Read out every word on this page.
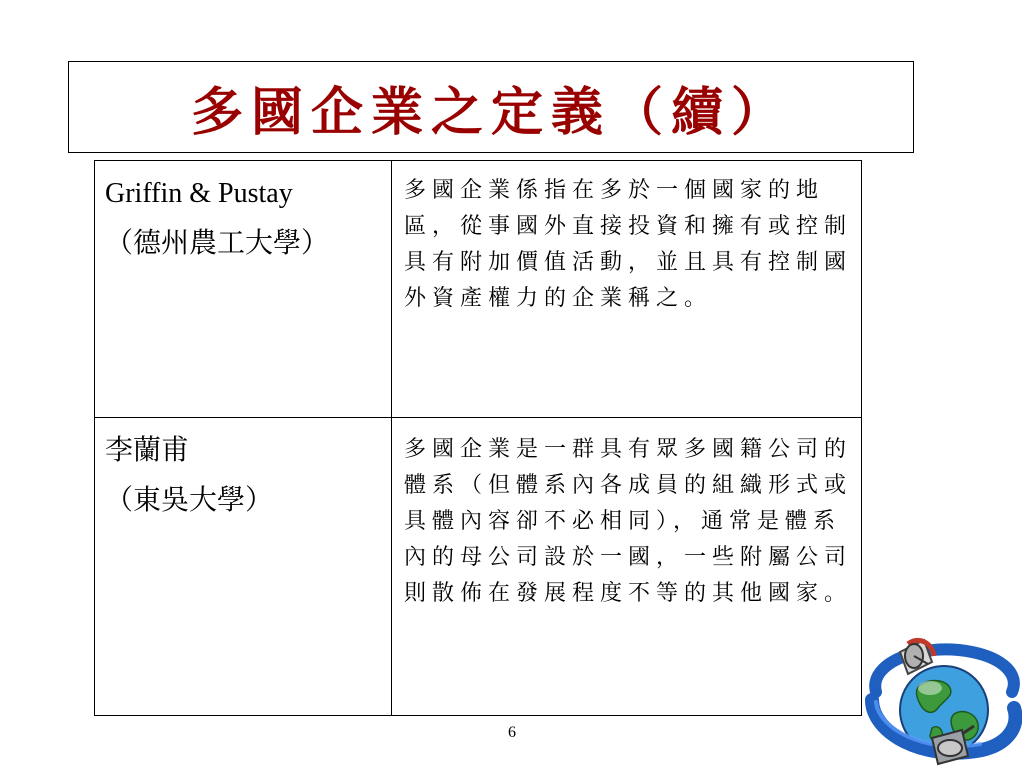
多國企業之定義（續）
Griffin & Pustay
（德州農工大學）	多國企業係指在多於一個國家的地區，從事國外直接投資和擁有或控制具有附加價值活動，並且具有控制國外資產權力的企業稱之。

李蘭甫
（東吳大學）	多國企業是一群具有眾多國籍公司的體系（但體系內各成員的組織形式或具體內容卻不必相同），通常是體系內的母公司設於一國，一些附屬公司則散佈在發展程度不等的其他國家。
6
